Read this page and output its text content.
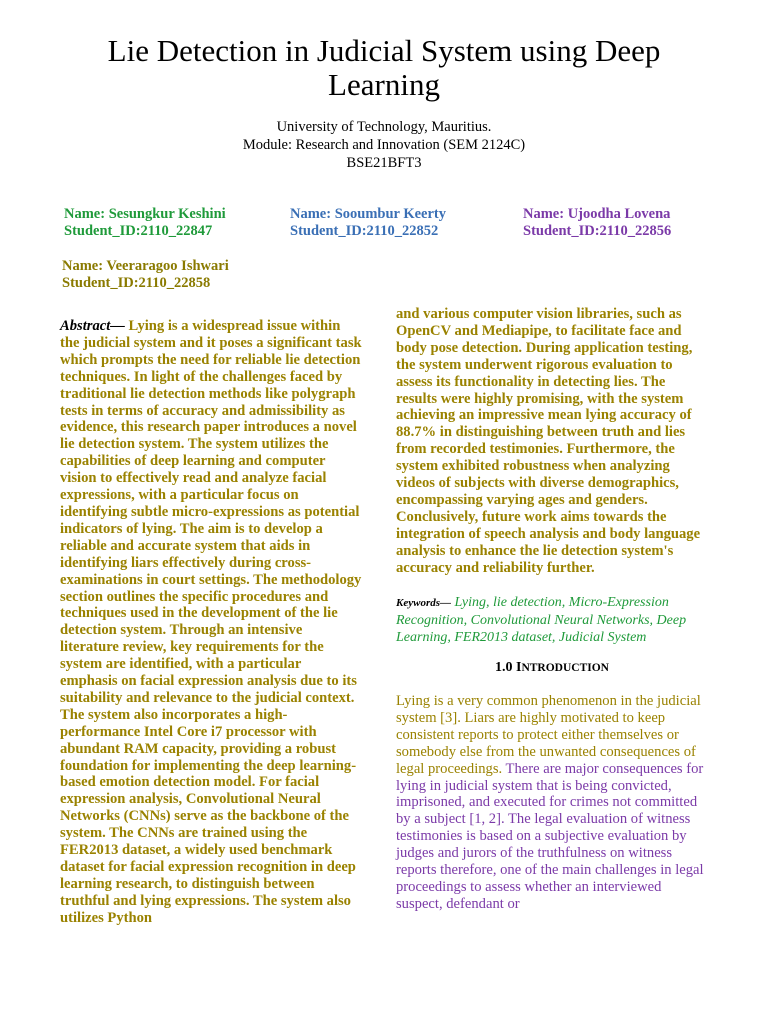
Lie Detection in Judicial System using Deep Learning
University of Technology, Mauritius.
Module: Research and Innovation (SEM 2124C)
BSE21BFT3
Name: Sesungkur Keshini
Student_ID:2110_22847
Name: Sooumbur Keerty
Student_ID:2110_22852
Name: Ujoodha Lovena
Student_ID:2110_22856
Name: Veeraragoo Ishwari
Student_ID:2110_22858
Abstract— Lying is a widespread issue within the judicial system and it poses a significant task which prompts the need for reliable lie detection techniques. In light of the challenges faced by traditional lie detection methods like polygraph tests in terms of accuracy and admissibility as evidence, this research paper introduces a novel lie detection system. The system utilizes the capabilities of deep learning and computer vision to effectively read and analyze facial expressions, with a particular focus on identifying subtle micro-expressions as potential indicators of lying. The aim is to develop a reliable and accurate system that aids in identifying liars effectively during cross-examinations in court settings. The methodology section outlines the specific procedures and techniques used in the development of the lie detection system. Through an intensive literature review, key requirements for the system are identified, with a particular emphasis on facial expression analysis due to its suitability and relevance to the judicial context. The system also incorporates a high-performance Intel Core i7 processor with abundant RAM capacity, providing a robust foundation for implementing the deep learning-based emotion detection model. For facial expression analysis, Convolutional Neural Networks (CNNs) serve as the backbone of the system. The CNNs are trained using the FER2013 dataset, a widely used benchmark dataset for facial expression recognition in deep learning research, to distinguish between truthful and lying expressions. The system also utilizes Python
and various computer vision libraries, such as OpenCV and Mediapipe, to facilitate face and body pose detection. During application testing, the system underwent rigorous evaluation to assess its functionality in detecting lies. The results were highly promising, with the system achieving an impressive mean lying accuracy of 88.7% in distinguishing between truth and lies from recorded testimonies. Furthermore, the system exhibited robustness when analyzing videos of subjects with diverse demographics, encompassing varying ages and genders. Conclusively, future work aims towards the integration of speech analysis and body language analysis to enhance the lie detection system's accuracy and reliability further.
Keywords— Lying, lie detection, Micro-Expression Recognition, Convolutional Neural Networks, Deep Learning, FER2013 dataset, Judicial System
1.0 INTRODUCTION
Lying is a very common phenomenon in the judicial system [3]. Liars are highly motivated to keep consistent reports to protect either themselves or somebody else from the unwanted consequences of legal proceedings. There are major consequences for lying in judicial system that is being convicted, imprisoned, and executed for crimes not committed by a subject [1, 2]. The legal evaluation of witness testimonies is based on a subjective evaluation by judges and jurors of the truthfulness on witness reports therefore, one of the main challenges in legal proceedings to assess whether an interviewed suspect, defendant or
